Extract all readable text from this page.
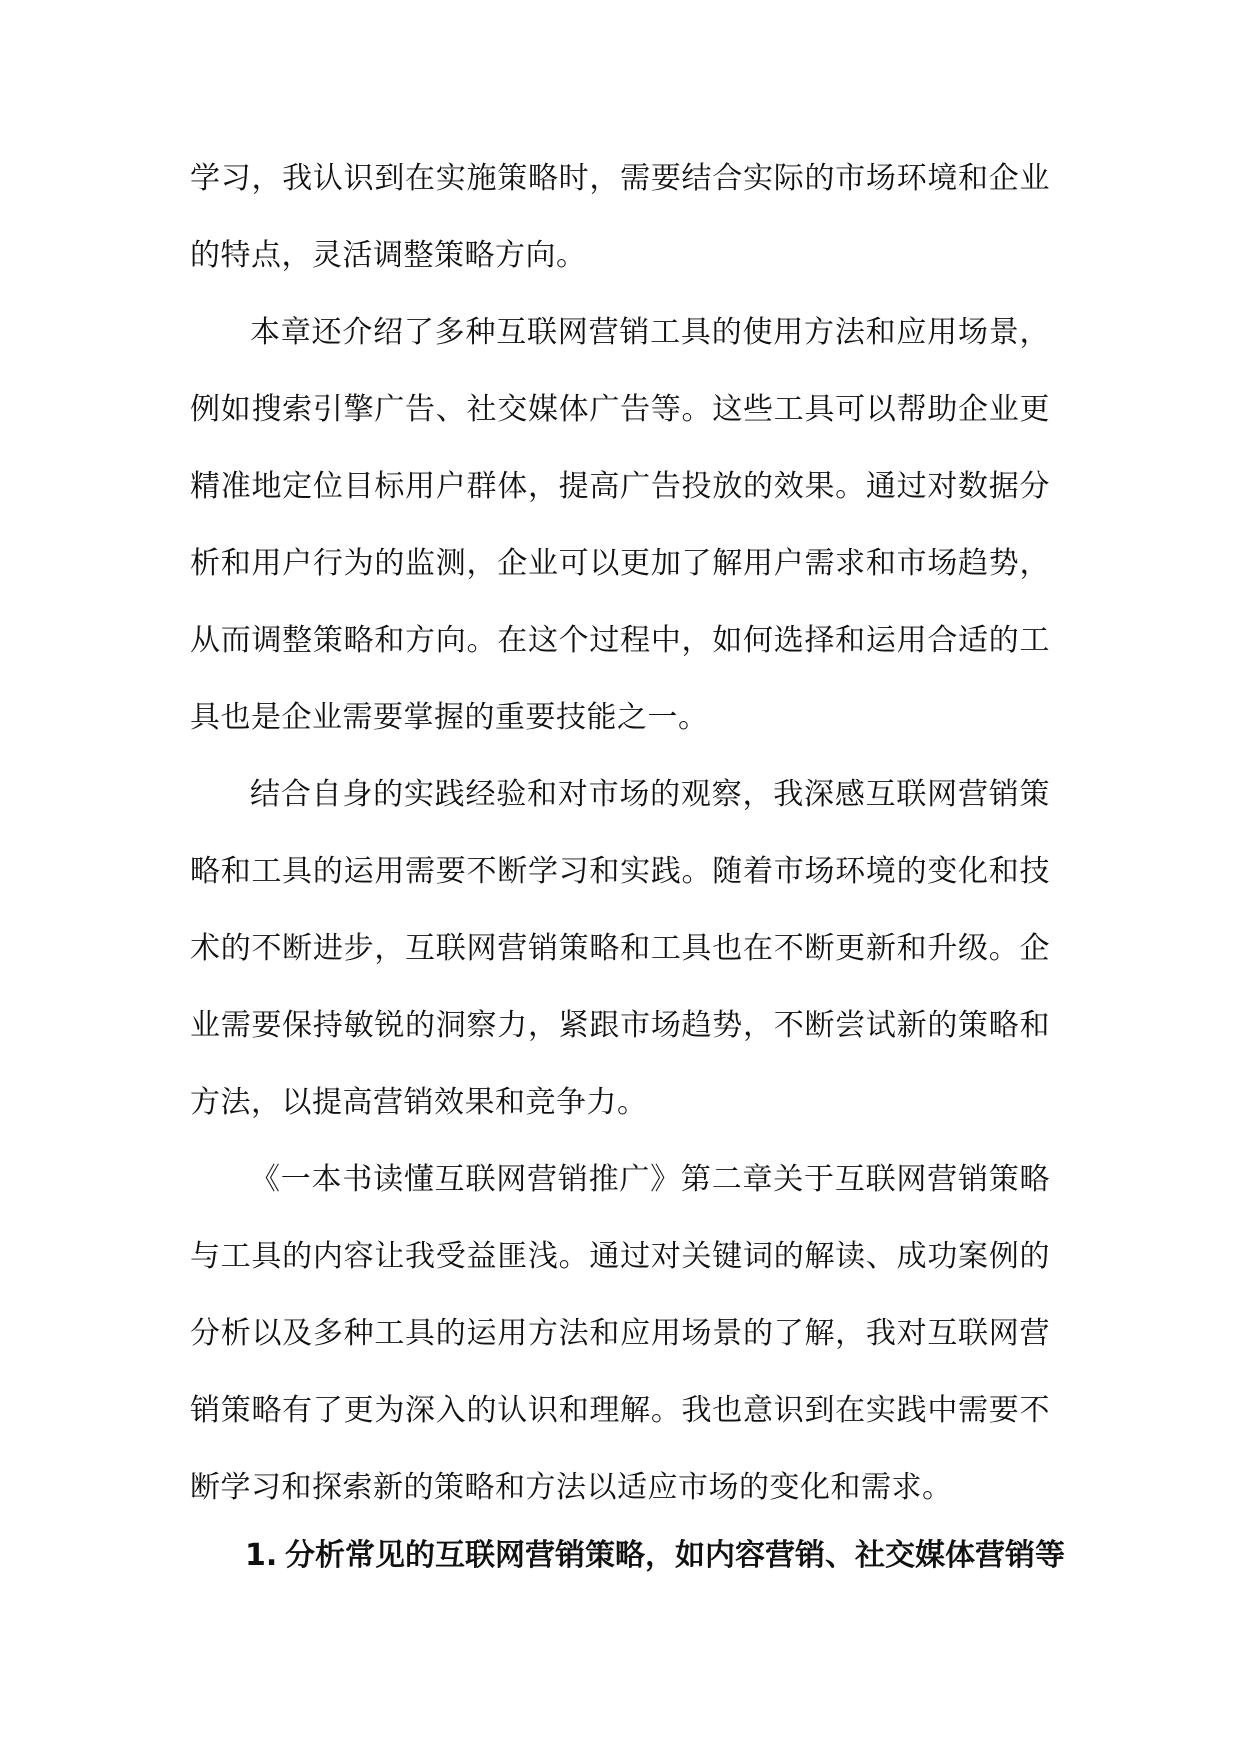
学习，我认识到在实施策略时，需要结合实际的市场环境和企业的特点，灵活调整策略方向。

本章还介绍了多种互联网营销工具的使用方法和应用场景，例如搜索引擎广告、社交媒体广告等。这些工具可以帮助企业更精准地定位目标用户群体，提高广告投放的效果。通过对数据分析和用户行为的监测，企业可以更加了解用户需求和市场趋势，从而调整策略和方向。在这个过程中，如何选择和运用合适的工具也是企业需要掌握的重要技能之一。

结合自身的实践经验和对市场的观察，我深感互联网营销策略和工具的运用需要不断学习和实践。随着市场环境的变化和技术的不断进步，互联网营销策略和工具也在不断更新和升级。企业需要保持敏锐的洞察力，紧跟市场趋势，不断尝试新的策略和方法，以提高营销效果和竞争力。

《一本书读懂互联网营销推广》第二章关于互联网营销策略与工具的内容让我受益匪浅。通过对关键词的解读、成功案例的分析以及多种工具的运用方法和应用场景的了解，我对互联网营销策略有了更为深入的认识和理解。我也意识到在实践中需要不断学习和探索新的策略和方法以适应市场的变化和需求。

1. 分析常见的互联网营销策略，如内容营销、社交媒体营销等
